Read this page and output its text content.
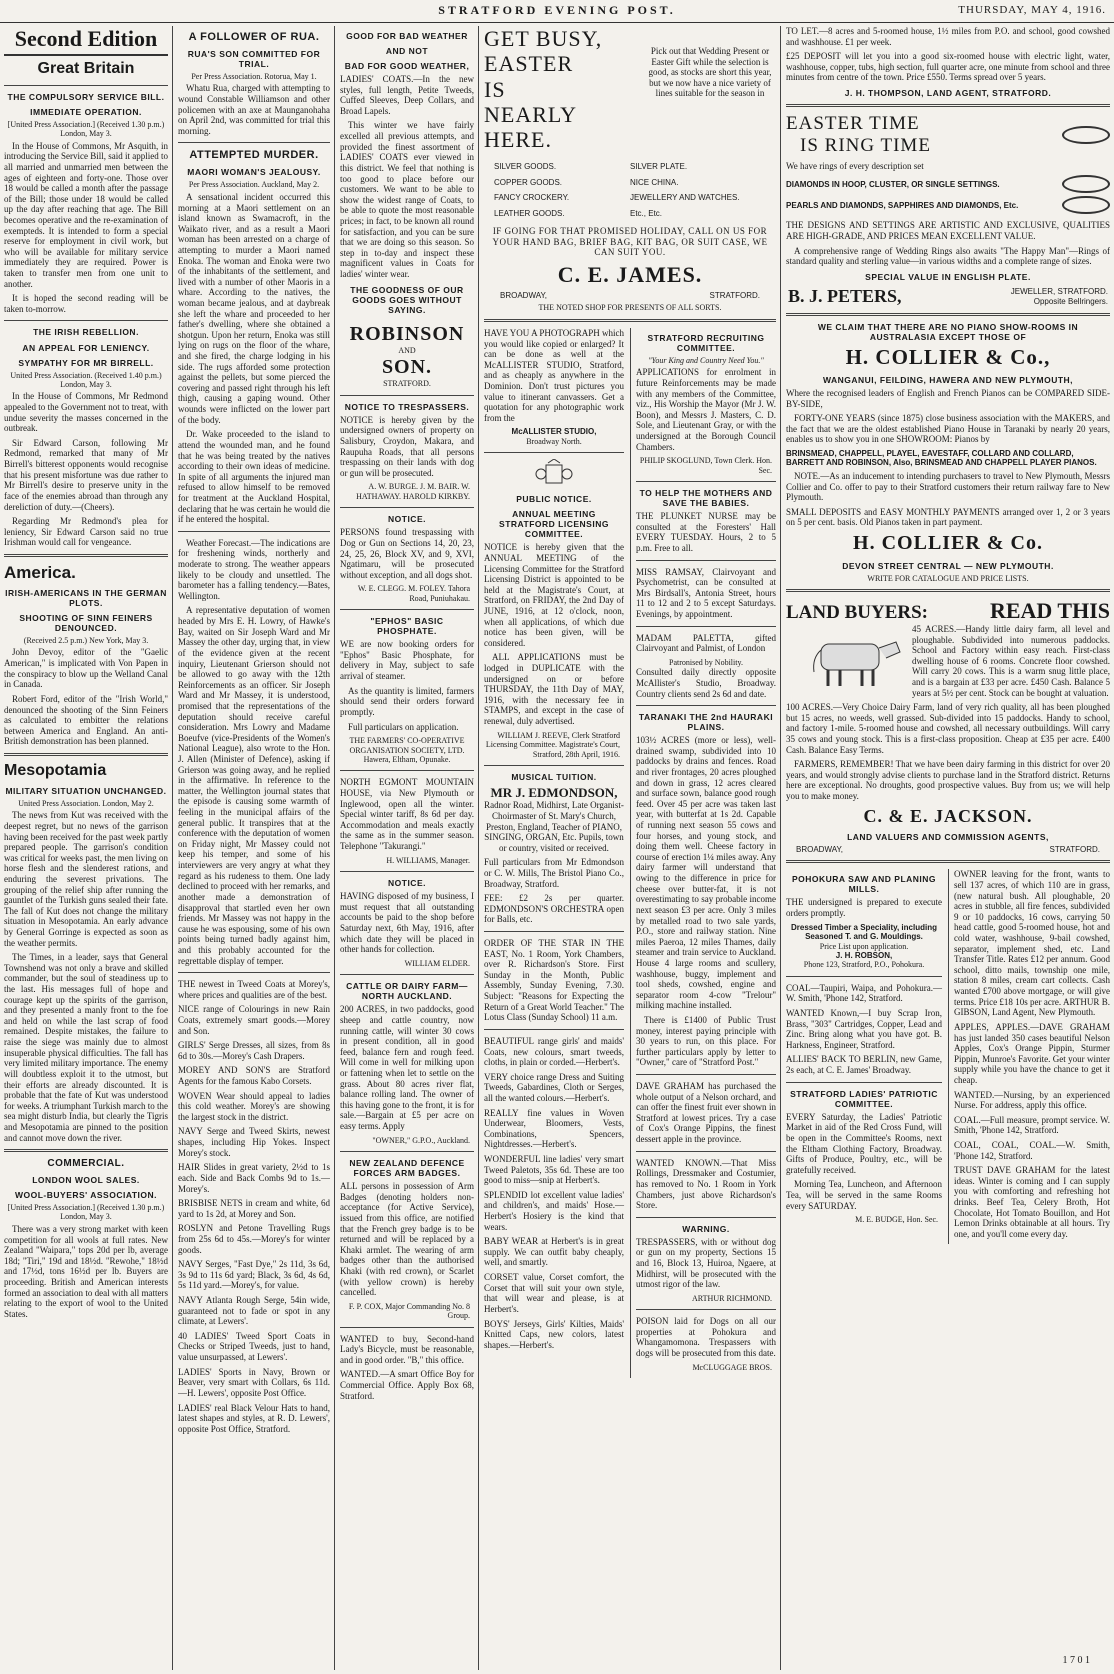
STRATFORD EVENING POST.	THURSDAY, MAY 4, 1916.
Second Edition
Great Britain
THE COMPULSORY SERVICE BILL.
IMMEDIATE OPERATION.
[United Press Association.] (Received 1.30 p.m.) London, May 3.

In the House of Commons, Mr Asquith, in introducing the Service Bill, said it applied to all married and unmarried men between the ages of eighteen and forty-one. Those over 18 would be called a month after the passage of the Bill; those under 18 would be called up the day after reaching that age. The Bill becomes operative and the re-examination of exempteds. It is intended to form a special reserve for employment in civil work, but who will be available for military service immediately they are required. Power is taken to transfer men from one unit to another.

It is hoped the second reading will be taken to-morrow.

THE IRISH REBELLION.
AN APPEAL FOR LENIENCY.
SYMPATHY FOR MR BIRRELL.
United Press Association. (Received 1.40 p.m.) London, May 3.

In the House of Commons, Mr Redmond appealed to the Government not to treat, with undue severity the masses concerned in the outbreak.

Sir Edward Carson, following Mr Redmond, remarked that many of Mr Birrell's bitterest opponents would recognise that his present misfortune was due rather to Mr Birrell's desire to preserve unity in the face of the enemies abroad than through any dereliction of duty.—(Cheers).

Regarding Mr Redmond's plea for leniency, Sir Edward Carson said no true Irishman would call for vengeance.

America.
IRISH-AMERICANS IN THE GERMAN PLOTS.
SHOOTING OF SINN FEINERS DENOUNCED.
(Received 2.5 p.m.) New York, May 3.

John Devoy, editor of the "Gaelic American," is implicated with Von Papen in the conspiracy to blow up the Welland Canal in Canada.

Robert Ford, editor of the "Irish World," denounced the shooting of the Sinn Feiners as calculated to embitter the relations between America and England. An anti-British demonstration has been planned.

Mesopotamia
MILITARY SITUATION UNCHANGED.
United Press Association. London, May 2.

The news from Kut was received with the deepest regret, but no news of the garrison having been received for the past week partly prepared people. The garrison's condition was critical for weeks past, the men living on horse flesh and the slenderest rations, and enduring the severest privations. The grouping of the relief ship after running the gauntlet of the Turkish guns sealed their fate. The fall of Kut does not change the military situation in Mesopotamia. An early advance by General Gorringe is expected as soon as the weather permits.

The Times, in a leader, says that General Townshend was not only a brave and skilled commander, but the soul of steadiness up to the last. His messages full of hope and courage kept up the spirits of the garrison, and they presented a manly front to the foe and held on while the last scrap of food remained. Despite mistakes, the failure to raise the siege was mainly due to almost insuperable physical difficulties. The fall has very limited military importance. The enemy will doubtless exploit it to the utmost, but their efforts are already discounted. It is probable that the fate of Kut was understood for weeks. A triumphant Turkish march to the sea might disturb India, but clearly the Tigris and Mesopotamia are pinned to the position and cannot move down the river.

COMMERCIAL.
LONDON WOOL SALES.
WOOL-BUYERS' ASSOCIATION.
[United Press Association.] (Received 1.30 p.m.) London, May 3.

There was a very strong market with keen competition for all wools at full rates. New Zealand "Waipara," tops 20d per lb, average 18d; "Tiri," 19d and 18½d. "Rewohe," 18½d and 17½d, tons 16½d per lb. Buyers are proceeding. British and American interests formed an association to deal with all matters relating to the export of wool to the United States.

A FOLLOWER OF RUA.
RUA'S SON COMMITTED FOR TRIAL.
Per Press Association. Rotorua, May 1.

Whatu Rua, charged with attempting to wound Constable Williamson and other policemen with an axe at Maunganohaha on April 2nd, was committed for trial this morning.

ATTEMPTED MURDER.
MAORI WOMAN'S JEALOUSY.
Per Press Association. Auckland, May 2.

A sensational incident occurred this morning at a Maori settlement on an island known as Swamacroft, in the Waikato river, and as a result a Maori woman has been arrested on a charge of attempting to murder a Maori named Enoka. The woman and Enoka were two of the inhabitants of the settlement, and lived with a number of other Maoris in a whare. According to the natives, the woman became jealous, and at daybreak she left the whare and proceeded to her father's dwelling, where she obtained a shotgun. Upon her return, Enoka was still lying on rugs on the floor of the whare, and she fired, the charge lodging in his side. The rugs afforded some protection against the pellets, but some pierced the covering and passed right through his left thigh, causing a gaping wound. Other wounds were inflicted on the lower part of the body.

Dr. Wake proceeded to the island to attend the wounded man, and he found that he was being treated by the natives according to their own ideas of medicine. In spite of all arguments the injured man refused to allow himself to be removed for treatment at the Auckland Hospital, declaring that he was certain he would die if he entered the hospital.

Weather Forecast.—The indications are for freshening winds, northerly and moderate to strong. The weather appears likely to be cloudy and unsettled. The barometer has a falling tendency.—Bates, Wellington.

A representative deputation of women headed by Mrs E. H. Lowry, of Hawke's Bay, waited on Sir Joseph Ward and Mr Massey the other day, urging that, in view of the evidence given at the recent inquiry, Lieutenant Grierson should not be allowed to go away with the 12th Reinforcements as an officer. Sir Joseph Ward and Mr Massey, it is understood, promised that the representations of the deputation should receive careful consideration. Mrs Lowry and Madame Boeufve (vice-Presidents of the Women's National League), also wrote to the Hon. J. Allen (Minister of Defence), asking if Grierson was going away, and he replied in the affirmative. In reference to the matter, the Wellington journal states that the episode is causing some warmth of feeling in the municipal affairs of the general public. It transpires that at the conference with the deputation of women on Friday night, Mr Massey could not keep his temper, and some of his interviewers are very angry at what they regard as his rudeness to them. One lady declined to proceed with her remarks, and another made a demonstration of disapproval that startled even her own friends. Mr Massey was not happy in the cause he was espousing, some of his own points being turned badly against him, and this probably accounted for the regrettable display of temper.

THE newest in Tweed Coats at Morey's, where prices and qualities are of the best.

NICE range of Colourings in new Rain Coats, extremely smart goods.—Morey and Son.

GIRLS' Serge Dresses, all sizes, from 8s 6d to 30s.—Morey's Cash Drapers.

MOREY AND SON'S are Stratford Agents for the famous Kabo Corsets.

WOVEN Wear should appeal to ladies this cold weather. Morey's are showing the largest stock in the district.

NAVY Serge and Tweed Skirts, newest shapes, including Hip Yokes. Inspect Morey's stock.

HAIR Slides in great variety, 2½d to 1s each. Side and Back Combs 9d to 1s.—Morey's.

BRISBISE NETS in cream and white, 6d yard to 1s 2d, at Morey and Son.

ROSLYN and Petone Travelling Rugs from 25s 6d to 45s.—Morey's for winter goods.

NAVY Serges, "Fast Dye," 2s 11d, 3s 6d, 3s 9d to 11s 6d yard; Black, 3s 6d, 4s 6d, 5s 11d yard.—Morey's, for value.

NAVY Atlanta Rough Serge, 54in wide, guaranteed not to fade or spot in any climate, at Lewers'.

40 LADIES' Tweed Sport Coats in Checks or Striped Tweeds, just to hand, value unsurpassed, at Lewers'.

LADIES' Sports in Navy, Brown or Beaver, very smart with Collars, 6s 11d.—H. Lewers', opposite Post Office.

LADIES' real Black Velour Hats to hand, latest shapes and styles, at R. D. Lewers', opposite Post Office, Stratford.

GOOD FOR BAD WEATHER
AND NOT
BAD FOR GOOD WEATHER,

LADIES' COATS.—In the new styles, full length, Petite Tweeds, Cuffed Sleeves, Deep Collars, and Broad Lapels.

This winter we have fairly excelled all previous attempts, and provided the finest assortment of LADIES' COATS ever viewed in this district. We feel that nothing is too good to place before our customers. We want to be able to show the widest range of Coats, to be able to quote the most reasonable prices; in fact, to be known all round for satisfaction, and you can be sure that we are doing so this season. So step in to-day and inspect these magnificent values in Coats for ladies' winter wear.

THE GOODNESS OF OUR GOODS GOES WITHOUT SAYING.
ROBINSON
AND
SON.
STRATFORD.
NOTICE TO TRESPASSERS.

NOTICE is hereby given by the undersigned owners of property on Salisbury, Croydon, Makara, and Raupuha Roads, that all persons trespassing on their lands with dog or gun will be prosecuted.

A. W. BURGE. J. M. BAIR. W. HATHAWAY. HAROLD KIRKBY.
NOTICE.

PERSONS found trespassing with Dog or Gun on Sections 14, 20, 23, 24, 25, 26, Block XV, and 9, XVI, Ngatimaru, will be prosecuted without exception, and all dogs shot.

W. E. CLEGG. M. FOLEY. Tahora Road, Puniuhakau.
"EPHOS" BASIC PHOSPHATE.

WE are now booking orders for "Ephos" Basic Phosphate, for delivery in May, subject to safe arrival of steamer.

As the quantity is limited, farmers should send their orders forward promptly.

Full particulars on application.

THE FARMERS' CO-OPERATIVE ORGANISATION SOCIETY, LTD. Hawera, Eltham, Opunake.

NORTH EGMONT MOUNTAIN HOUSE, via New Plymouth or Inglewood, open all the winter. Special winter tariff, 8s 6d per day. Accommodation and meals exactly the same as in the summer season. Telephone "Takurangi."

H. WILLIAMS, Manager.
NOTICE.

HAVING disposed of my business, I must request that all outstanding accounts be paid to the shop before Saturday next, 6th May, 1916, after which date they will be placed in other hands for collection.

WILLIAM ELDER.
CATTLE OR DAIRY FARM—NORTH AUCKLAND.

200 ACRES, in two paddocks, good sheep and cattle country, now running cattle, will winter 30 cows in present condition, all in good feed, balance fern and rough feed. Will come in well for milking upon or fattening when let to settle on the grass. About 80 acres river flat, balance rolling land. The owner of this having gone to the front, it is for sale.—Bargain at £5 per acre on easy terms. Apply

"OWNER," G.P.O., Auckland.
NEW ZEALAND DEFENCE FORCES ARM BADGES.

ALL persons in possession of Arm Badges (denoting holders non-acceptance (for Active Service), issued from this office, are notified that the French grey badge is to be returned and will be replaced by a Khaki armlet. The wearing of arm badges other than the authorised Khaki (with red crown), or Scarlet (with yellow crown) is hereby cancelled.

F. P. COX, Major Commanding No. 8 Group.

WANTED to buy, Second-hand Lady's Bicycle, must be reasonable, and in good order. "B," this office.

WANTED.—A smart Office Boy for Commercial Office. Apply Box 68, Stratford.

GET BUSY,
EASTER
IS
NEARLY
HERE.

Pick out that Wedding Present or Easter Gift while the selection is good, as stocks are short this year, but we now have a nice variety of lines suitable for the season in

SILVER GOODS.	SILVER PLATE.
COPPER GOODS.	NICE CHINA.
FANCY CROCKERY.	JEWELLERY AND WATCHES.
LEATHER GOODS.	Etc., Etc.

IF GOING FOR THAT PROMISED HOLIDAY, CALL ON US FOR YOUR HAND BAG, BRIEF BAG, KIT BAG, OR SUIT CASE, WE CAN SUIT YOU.

C. E. JAMES.
BROADWAY,	STRATFORD.
THE NOTED SHOP FOR PRESENTS OF ALL SORTS.

HAVE YOU A PHOTOGRAPH which you would like copied or enlarged? It can be done as well at the McALLISTER STUDIO, Stratford, and as cheaply as anywhere in the Dominion. Don't trust pictures you value to itinerant canvassers. Get a quotation for any photographic work from the

McALLISTER STUDIO,
Broadway North.
PUBLIC NOTICE.
ANNUAL MEETING STRATFORD LICENSING COMMITTEE.

NOTICE is hereby given that the ANNUAL MEETING of the Licensing Committee for the Stratford Licensing District is appointed to be held at the Magistrate's Court, at Stratford, on FRIDAY, the 2nd Day of JUNE, 1916, at 12 o'clock, noon, when all applications, of which due notice has been given, will be considered.

ALL APPLICATIONS must be lodged in DUPLICATE with the undersigned on or before THURSDAY, the 11th Day of MAY, 1916, with the necessary fee in STAMPS, and except in the case of renewal, duly advertised.

WILLIAM J. REEVE, Clerk Stratford Licensing Committee. Magistrate's Court, Stratford, 28th April, 1916.
MUSICAL TUITION.
MR J. EDMONDSON,

Radnor Road, Midhirst, Late Organist-Choirmaster of St. Mary's Church, Preston, England, Teacher of PIANO, SINGING, ORGAN, Etc. Pupils, town or country, visited or received.

Full particulars from Mr Edmondson or C. W. Mills, The Bristol Piano Co., Broadway, Stratford.

FEE: £2 2s per quarter. EDMONDSON'S ORCHESTRA open for Balls, etc.

ORDER OF THE STAR IN THE EAST, No. 1 Room, York Chambers, over R. Richardson's Store. First Sunday in the Month, Public Assembly, Sunday Evening, 7.30. Subject: "Reasons for Expecting the Return of a Great World Teacher." The Lotus Class (Sunday School) 11 a.m.

BEAUTIFUL range girls' and maids' Coats, new colours, smart tweeds, cloths, in plain or corded.—Herbert's.

VERY choice range Dress and Suiting Tweeds, Gabardines, Cloth or Serges, all the wanted colours.—Herbert's.

REALLY fine values in Woven Underwear, Bloomers, Vests, Combinations, Spencers, Nightdresses.—Herbert's.

WONDERFUL line ladies' very smart Tweed Paletots, 35s 6d. These are too good to miss—snip at Herbert's.

SPLENDID lot excellent value ladies' and children's, and maids' Hose.—Herbert's Hosiery is the kind that wears.

BABY WEAR at Herbert's is in great supply. We can outfit baby cheaply, well, and smartly.

CORSET value, Corset comfort, the Corset that will suit your own style, that will wear and please, is at Herbert's.

BOYS' Jerseys, Girls' Kilties, Maids' Knitted Caps, new colors, latest shapes.—Herbert's.

STRATFORD RECRUITING COMMITTEE.
"Your King and Country Need You."

APPLICATIONS for enrolment in future Reinforcements may be made with any members of the Committee, viz., His Worship the Mayor (Mr J. W. Boon), and Messrs J. Masters, C. D. Sole, and Lieutenant Gray, or with the undersigned at the Borough Council Chambers.

PHILIP SKOGLUND, Town Clerk. Hon. Sec.
TO HELP THE MOTHERS AND SAVE THE BABIES.

THE PLUNKET NURSE may be consulted at the Foresters' Hall EVERY TUESDAY. Hours, 2 to 5 p.m. Free to all.

MISS RAMSAY, Clairvoyant and Psychometrist, can be consulted at Mrs Birdsall's, Antonia Street, hours 11 to 12 and 2 to 5 except Saturdays. Evenings, by appointment.

MADAM PALETTA, gifted Clairvoyant and Palmist, of London

Patronised by Nobility.

Consulted daily directly opposite McAllister's Studio, Broadway. Country clients send 2s 6d and date.

TARANAKI THE 2nd HAURAKI PLAINS.

103½ ACRES (more or less), well-drained swamp, subdivided into 10 paddocks by drains and fences. Road and river frontages, 20 acres ploughed and down in grass, 12 acres cleared and surface sown, balance good rough feed. Over 45 per acre was taken last year, with butterfat at 1s 2d. Capable of running next season 55 cows and four horses, and young stock, and doing them well. Cheese factory in course of erection 1¼ miles away. Any dairy farmer will understand that owing to the difference in price for cheese over butter-fat, it is not overestimating to say probable income next season £3 per acre. Only 3 miles by metalled road to two sale yards, P.O., store and railway station. Nine miles Paeroa, 12 miles Thames, daily steamer and train service to Auckland. House 4 large rooms and scullery, washhouse, buggy, implement and tool sheds, cowshed, engine and separator room 4-cow "Trelour" milking machine installed.

There is £1400 of Public Trust money, interest paying principle with 30 years to run, on this place. For further particulars apply by letter to "Owner," care of "Stratford Post."

DAVE GRAHAM has purchased the whole output of a Nelson orchard, and can offer the finest fruit ever shown in Stratford at lowest prices. Try a case of Cox's Orange Pippins, the finest dessert apple in the province.

WANTED KNOWN.—That Miss Rollings, Dressmaker and Costumier, has removed to No. 1 Room in York Chambers, just above Richardson's Store.

WARNING.

TRESPASSERS, with or without dog or gun on my property, Sections 15 and 16, Block 13, Huiroa, Ngaere, at Midhirst, will be prosecuted with the utmost rigor of the law.

ARTHUR RICHMOND.

POISON laid for Dogs on all our properties at Pohokura and Whangamomona. Trespassers with dogs will be prosecuted from this date.

McCLUGGAGE BROS.

TO LET.—8 acres and 5-roomed house, 1½ miles from P.O. and school, good cowshed and washhouse. £1 per week.

£25 DEPOSIT will let you into a good six-roomed house with electric light, water, washhouse, copper, tubs, high section, full quarter acre, one minute from school and three minutes from centre of the town. Price £550. Terms spread over 5 years.

J. H. THOMPSON, LAND AGENT, STRATFORD.
EASTER TIME
IS RING TIME

We have rings of every description set

DIAMONDS IN HOOP, CLUSTER, OR SINGLE SETTINGS.
PEARLS AND DIAMONDS, SAPPHIRES AND DIAMONDS, Etc.

THE DESIGNS AND SETTINGS ARE ARTISTIC AND EXCLUSIVE, QUALITIES ARE HIGH-GRADE, AND PRICES MEAN EXCELLENT VALUE.

A comprehensive range of Wedding Rings also awaits "The Happy Man"—Rings of standard quality and sterling value—in various widths and a complete range of sizes.

SPECIAL VALUE IN ENGLISH PLATE.
B. J. PETERS,	JEWELLER, STRATFORD. Opposite Bellringers.
WE CLAIM THAT THERE ARE NO PIANO SHOW-ROOMS IN AUSTRALASIA EXCEPT THOSE OF
H. COLLIER & Co.,
WANGANUI, FEILDING, HAWERA AND NEW PLYMOUTH,

Where the recognised leaders of English and French Pianos can be COMPARED SIDE-BY-SIDE,

FORTY-ONE YEARS (since 1875) close business association with the MAKERS, and the fact that we are the oldest established Piano House in Taranaki by nearly 20 years, enables us to show you in one SHOWROOM: Pianos by

BRINSMEAD, CHAPPELL, PLAYEL, EAVESTAFF, COLLARD AND COLLARD, BARRETT AND ROBINSON, Also, BRINSMEAD AND CHAPPELL PLAYER PIANOS.

NOTE.—As an inducement to intending purchasers to travel to New Plymouth, Messrs Collier and Co. offer to pay to their Stratford customers their return railway fare to New Plymouth.

SMALL DEPOSITS and EASY MONTHLY PAYMENTS arranged over 1, 2 or 3 years on 5 per cent. basis. Old Pianos taken in part payment.

H. COLLIER & Co.
DEVON STREET CENTRAL — NEW PLYMOUTH.
WRITE FOR CATALOGUE AND PRICE LISTS.
LAND BUYERS:	READ THIS

45 ACRES.—Handy little dairy farm, all level and ploughable. Subdivided into numerous paddocks. School and Factory within easy reach. First-class dwelling house of 6 rooms. Concrete floor cowshed. Will carry 20 cows. This is a warm snug little place, and is a bargain at £33 per acre. £450 Cash. Balance 5 years at 5½ per cent. Stock can be bought at valuation.

100 ACRES.—Very Choice Dairy Farm, land of very rich quality, all has been ploughed but 15 acres, no weeds, well grassed. Sub-divided into 15 paddocks. Handy to school, and factory 1-mile. 5-roomed house and cowshed, all necessary outbuildings. Will carry 35 cows and young stock. This is a first-class proposition. Cheap at £35 per acre. £400 Cash. Balance Easy Terms.

FARMERS, REMEMBER! That we have been dairy farming in this district for over 20 years, and would strongly advise clients to purchase land in the Stratford district. Returns here are exceptional. No droughts, good prospective values. Buy from us; we will help you to make money.

C. & E. JACKSON.
LAND VALUERS AND COMMISSION AGENTS,
BROADWAY,	STRATFORD.
POHOKURA SAW AND PLANING MILLS.

THE undersigned is prepared to execute orders promptly.

Dressed Timber a Speciality, including Seasoned T. and G. Mouldings.
Price List upon application.
J. H. ROBSON,
Phone 123, Stratford, P.O., Pohokura.

COAL—Taupiri, Waipa, and Pohokura.—W. Smith, 'Phone 142, Stratford.

WANTED Known,—I buy Scrap Iron, Brass, "303" Cartridges, Copper, Lead and Zinc. Bring along what you have got. B. Harkness, Engineer, Stratford.

ALLIES' BACK TO BERLIN, new Game, 2s each, at C. E. James' Broadway.

STRATFORD LADIES' PATRIOTIC COMMITTEE.

EVERY Saturday, the Ladies' Patriotic Market in aid of the Red Cross Fund, will be open in the Committee's Rooms, next the Eltham Clothing Factory, Broadway. Gifts of Produce, Poultry, etc., will be gratefully received.

Morning Tea, Luncheon, and Afternoon Tea, will be served in the same Rooms every SATURDAY.

M. E. BUDGE, Hon. Sec.

OWNER leaving for the front, wants to sell 137 acres, of which 110 are in grass, (new natural bush. All ploughable, 20 acres in stubble, all fire fences, subdivided 9 or 10 paddocks, 16 cows, carrying 50 head cattle, good 5-roomed house, hot and cold water, washhouse, 9-bail cowshed, separator, implement shed, etc. Land Transfer Title. Rates £12 per annum. Good school, ditto mails, township one mile, station 8 miles, cream cart collects. Cash wanted £700 above mortgage, or will give terms. Price £18 10s per acre. ARTHUR B. GIBSON, Land Agent, New Plymouth.

APPLES, APPLES.—DAVE GRAHAM has just landed 350 cases beautiful Nelson Apples, Cox's Orange Pippin, Sturmer Pippin, Munroe's Favorite. Get your winter supply while you have the chance to get it cheap.

WANTED.—Nursing, by an experienced Nurse. For address, apply this office.

COAL.—Full measure, prompt service. W. Smith, 'Phone 142, Stratford.

COAL, COAL, COAL.—W. Smith, 'Phone 142, Stratford.

TRUST DAVE GRAHAM for the latest ideas. Winter is coming and I can supply you with comforting and refreshing hot drinks. Beef Tea, Celery Broth, Hot Chocolate, Hot Tomato Bouillon, and Hot Lemon Drinks obtainable at all hours. Try one, and you'll come every day.

1 7 0 1
